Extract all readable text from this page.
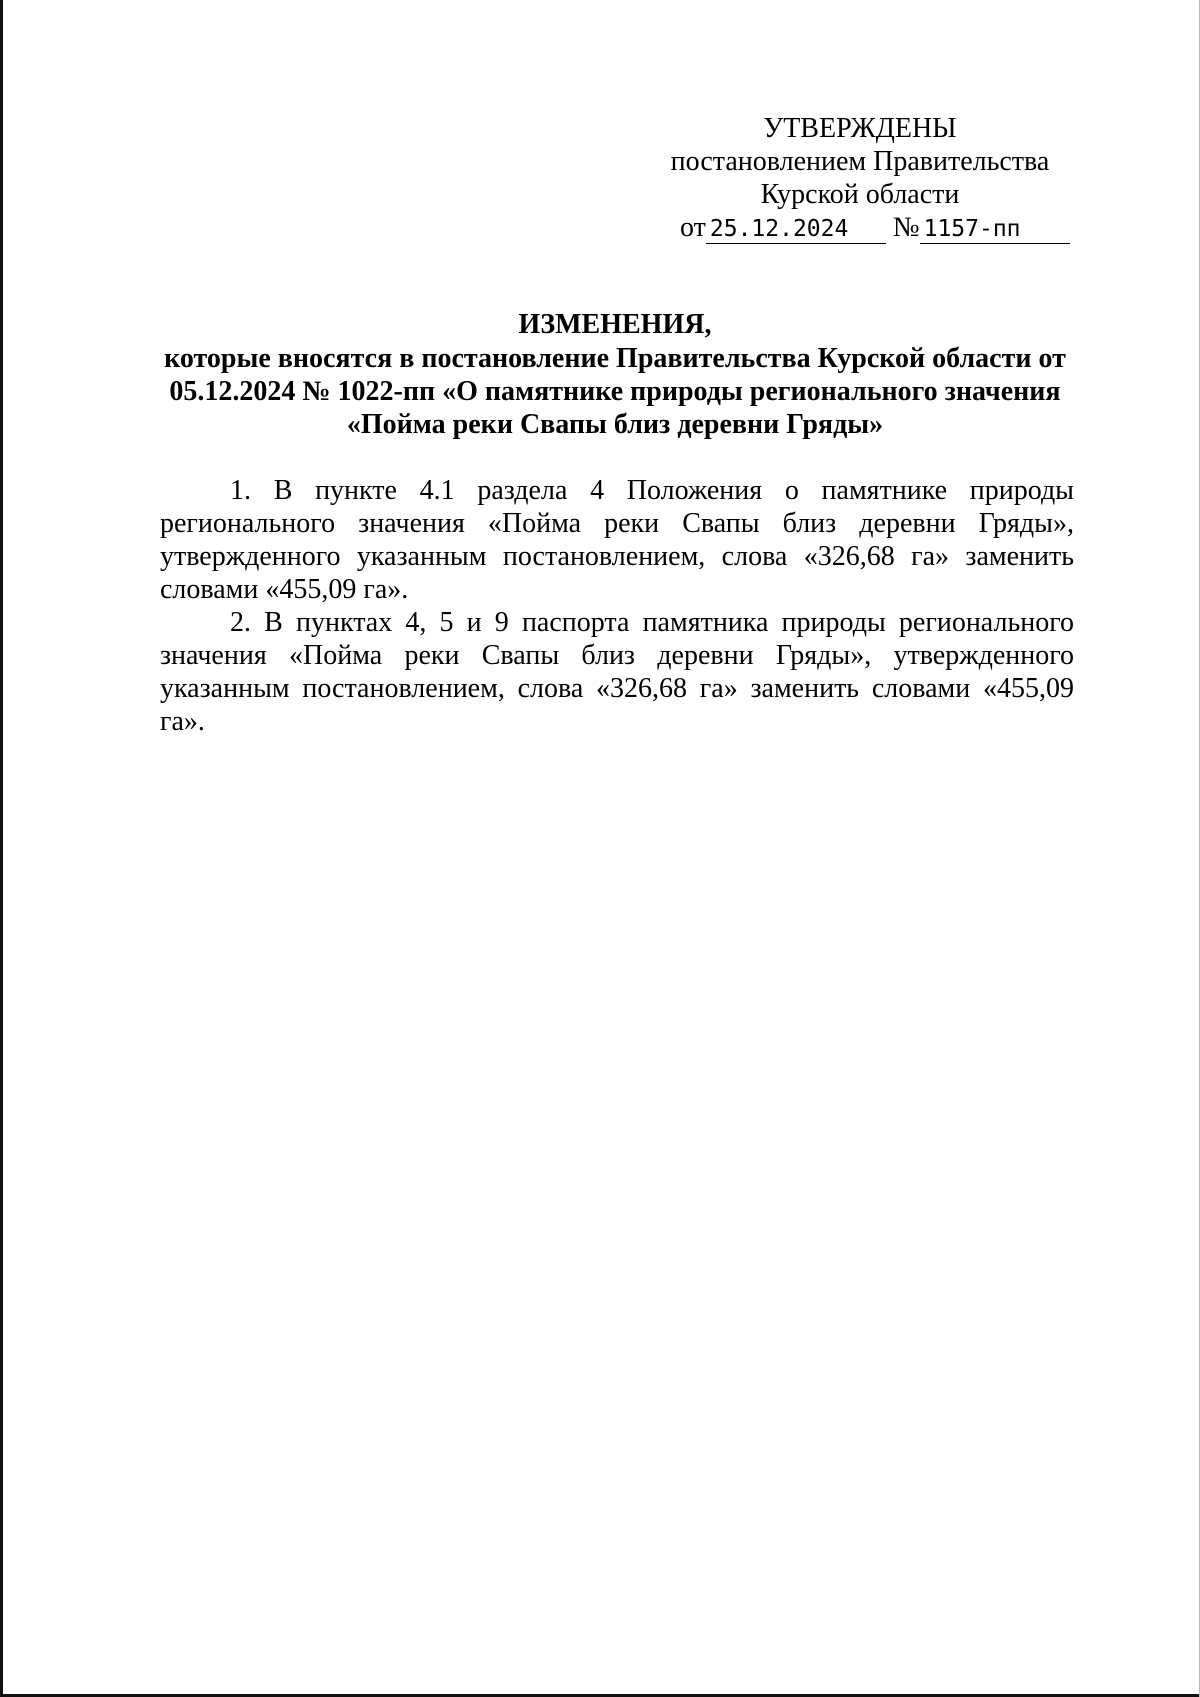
УТВЕРЖДЕНЫ
постановлением Правительства
Курской области
от 25.12.2024 № 1157-пп
ИЗМЕНЕНИЯ,
которые вносятся в постановление Правительства Курской области от 05.12.2024 № 1022-пп «О памятнике природы регионального значения «Пойма реки Свапы близ деревни Гряды»

1. В пункте 4.1 раздела 4 Положения о памятнике природы регионального значения «Пойма реки Свапы близ деревни Гряды», утвержденного указанным постановлением, слова «326,68 га» заменить словами «455,09 га».

2. В пунктах 4, 5 и 9 паспорта памятника природы регионального значения «Пойма реки Свапы близ деревни Гряды», утвержденного указанным постановлением, слова «326,68 га» заменить словами «455,09 га».
